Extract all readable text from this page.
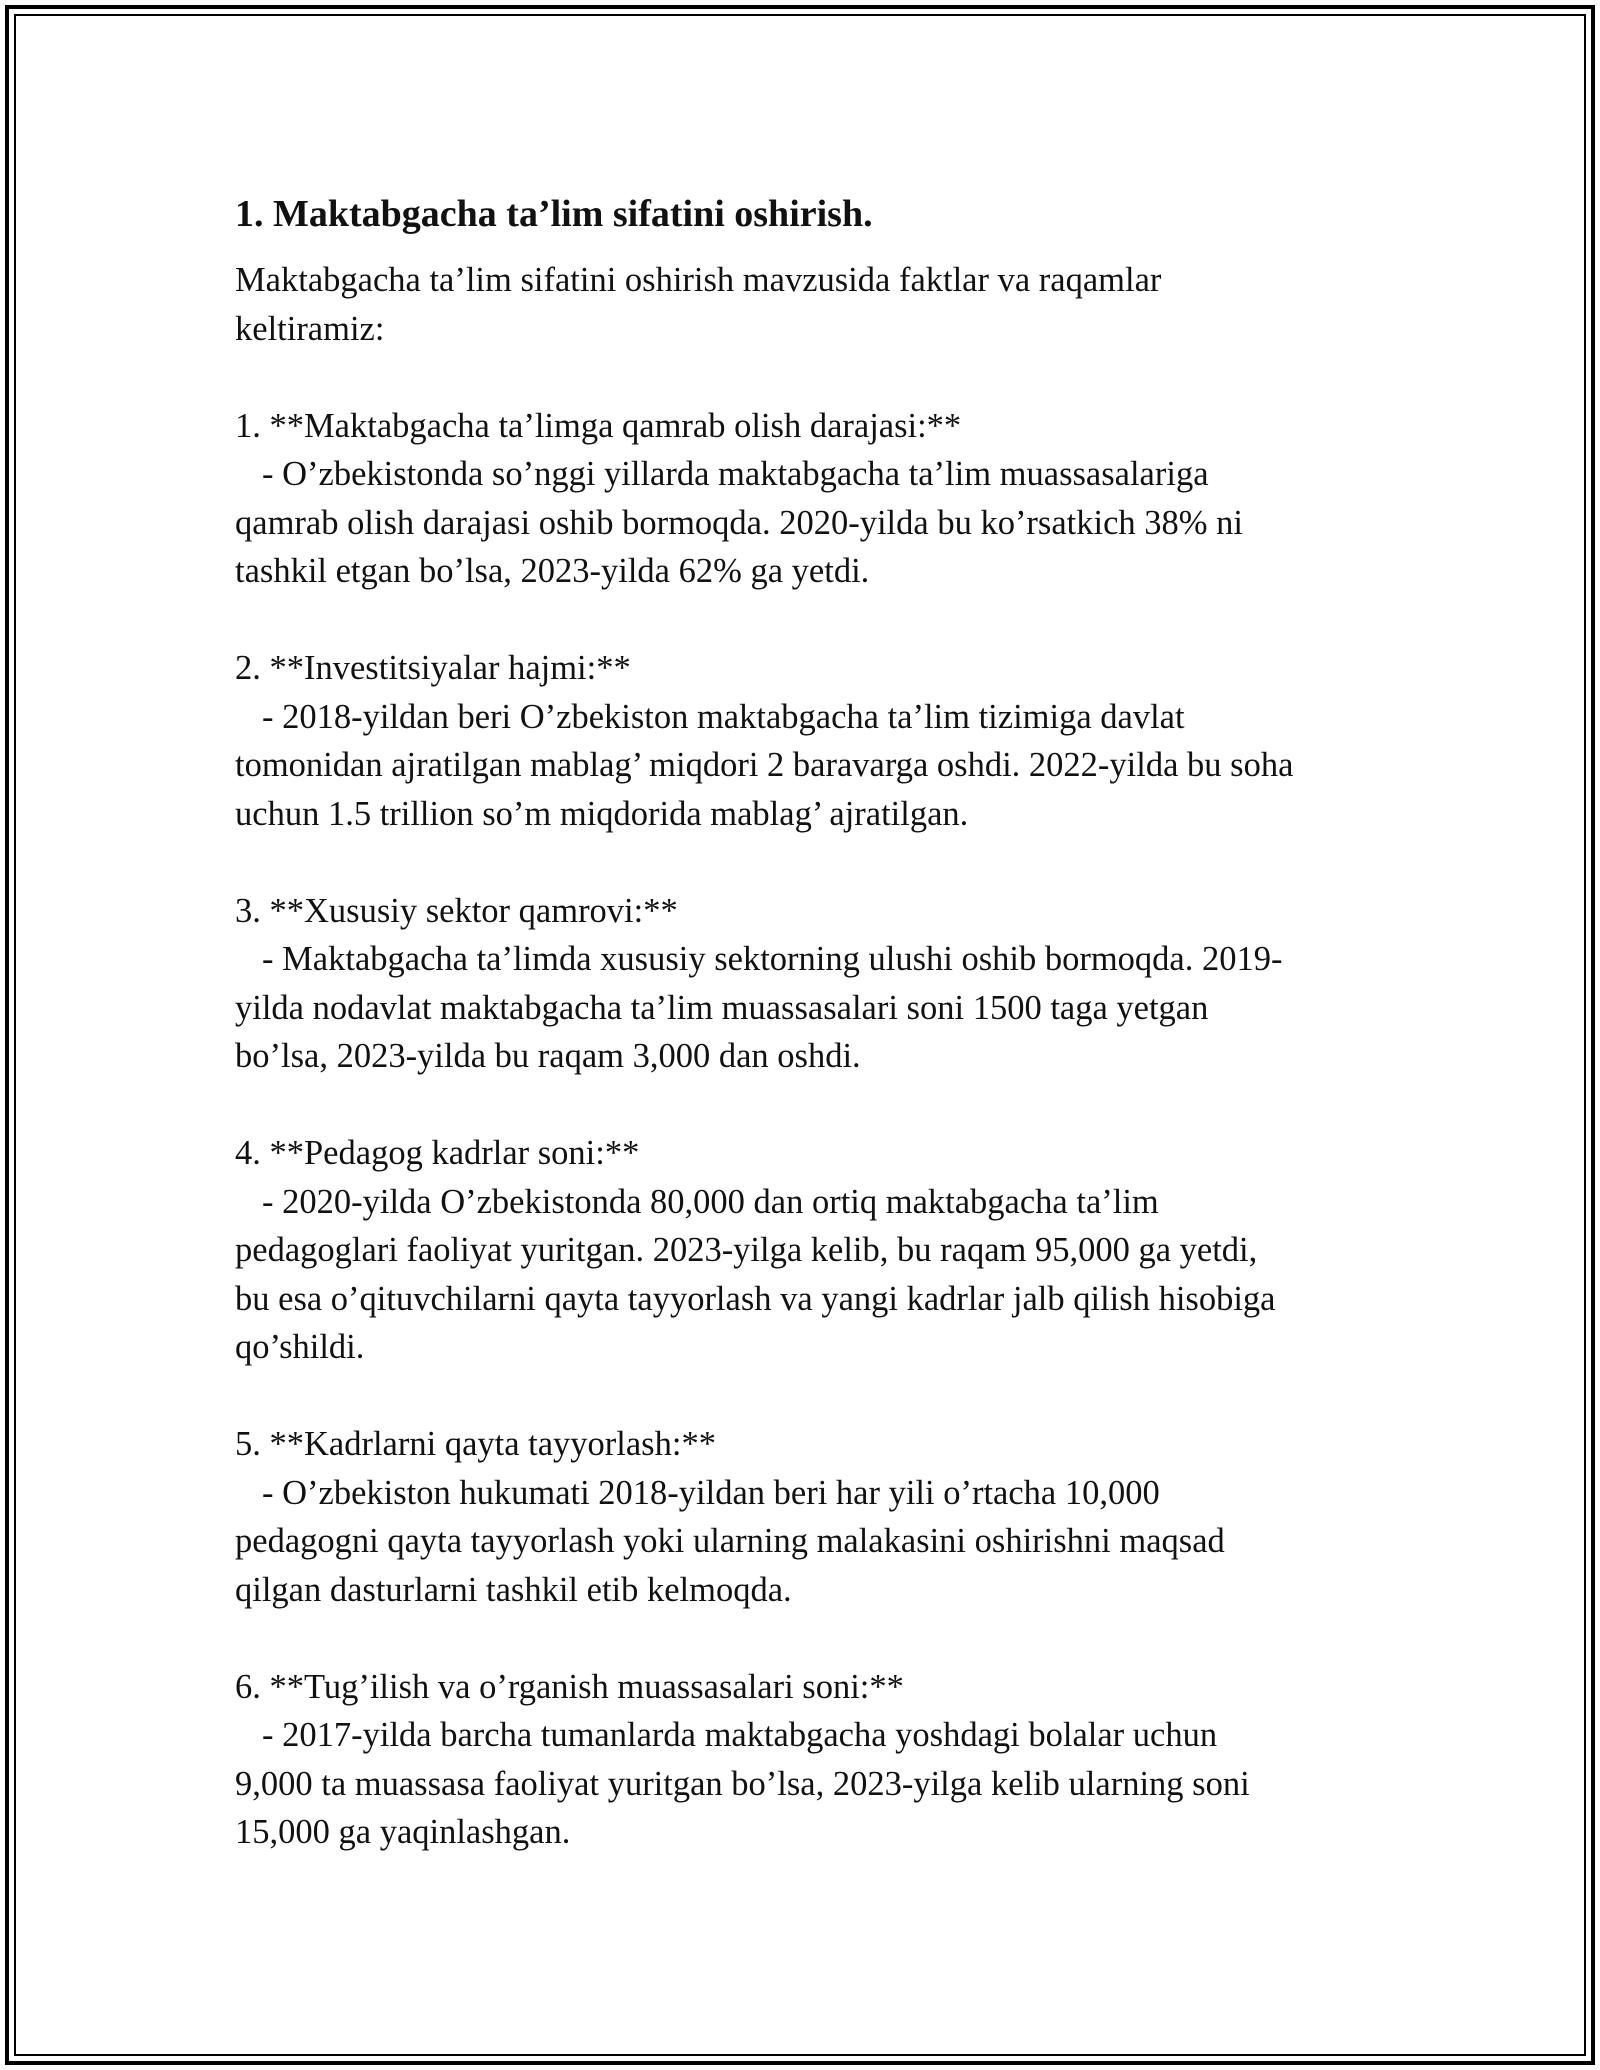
1. Maktabgacha ta’lim sifatini oshirish.

Maktabgacha ta’lim sifatini oshirish mavzusida faktlar va raqamlar
keltiramiz:

1. **Maktabgacha ta’limga qamrab olish darajasi:**
- O’zbekistonda so’nggi yillarda maktabgacha ta’lim muassasalariga
qamrab olish darajasi oshib bormoqda. 2020-yilda bu ko’rsatkich 38% ni
tashkil etgan bo’lsa, 2023-yilda 62% ga yetdi.
2. **Investitsiyalar hajmi:**
- 2018-yildan beri O’zbekiston maktabgacha ta’lim tizimiga davlat
tomonidan ajratilgan mablag’ miqdori 2 baravarga oshdi. 2022-yilda bu soha
uchun 1.5 trillion so’m miqdorida mablag’ ajratilgan.
3. **Xususiy sektor qamrovi:**
- Maktabgacha ta’limda xususiy sektorning ulushi oshib bormoqda. 2019-
yilda nodavlat maktabgacha ta’lim muassasalari soni 1500 taga yetgan
bo’lsa, 2023-yilda bu raqam 3,000 dan oshdi.
4. **Pedagog kadrlar soni:**
- 2020-yilda O’zbekistonda 80,000 dan ortiq maktabgacha ta’lim
pedagoglari faoliyat yuritgan. 2023-yilga kelib, bu raqam 95,000 ga yetdi,
bu esa o’qituvchilarni qayta tayyorlash va yangi kadrlar jalb qilish hisobiga
qo’shildi.
5. **Kadrlarni qayta tayyorlash:**
- O’zbekiston hukumati 2018-yildan beri har yili o’rtacha 10,000
pedagogni qayta tayyorlash yoki ularning malakasini oshirishni maqsad
qilgan dasturlarni tashkil etib kelmoqda.
6. **Tug’ilish va o’rganish muassasalari soni:**
- 2017-yilda barcha tumanlarda maktabgacha yoshdagi bolalar uchun
9,000 ta muassasa faoliyat yuritgan bo’lsa, 2023-yilga kelib ularning soni
15,000 ga yaqinlashgan.
